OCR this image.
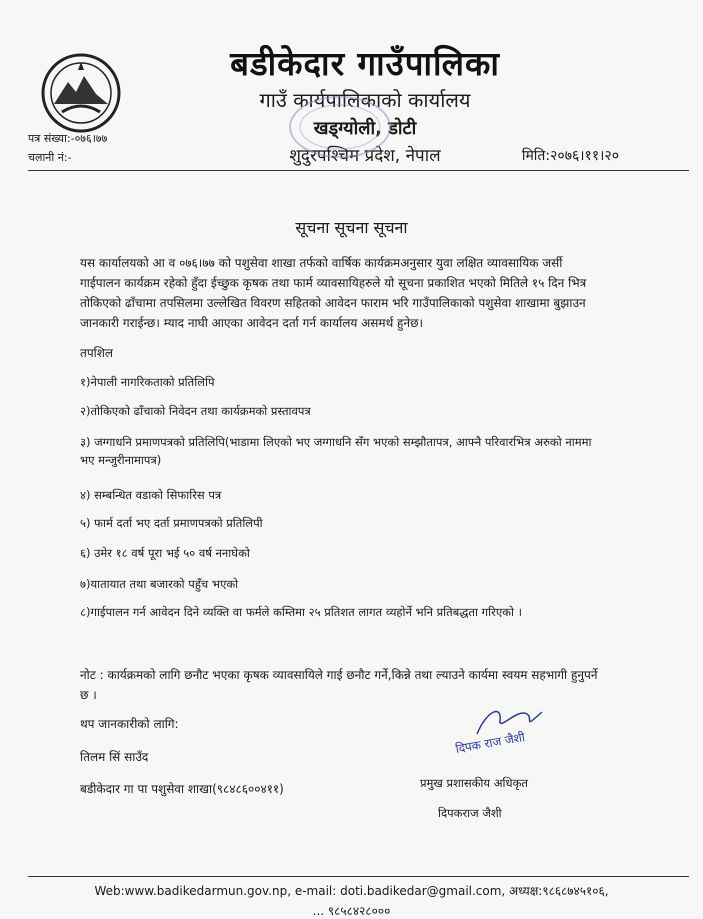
बडीकेदार गाउँपालिका
गाउँ कार्यपालिकाको कार्यालय
खड्ग्योली, डोटी
शुदुरपश्चिम प्रदेश, नेपाल
पत्र संख्या:-०७६।७७
चलानी नं:-	मिति:२०७६।११।२०
सूचना सूचना सूचना
यस कार्यालयको आ व ०७६।७७ को पशुसेवा शाखा तर्फको वार्षिक कार्यक्रमअनुसार युवा लक्षित व्यावसायिक जर्सी गाईपालन कार्यक्रम रहेको हुँदा ईच्छुक कृषक तथा फार्म व्यावसायिहरुले यो सूचना प्रकाशित भएको मितिले १५ दिन भित्र तोकिएको ढाँचामा तपसिलमा उल्लेखित विवरण सहितको आवेदन फाराम भरि गाउँपालिकाको पशुसेवा शाखामा बुझाउन जानकारी गराईन्छ। म्याद नाघी आएका आवेदन दर्ता गर्न कार्यालय असमर्थ हुनेछ।
तपशिल
१)नेपाली नागरिकताको प्रतिलिपि
२)तोकिएको ढाँचाको निवेदन तथा कार्यक्रमको प्रस्तावपत्र
३) जग्गाधनि प्रमाणपत्रको प्रतिलिपि(भाडामा लिएको भए जग्गाधनि सँग भएको सम्झौतापत्र, आफ्नै परिवारभित्र अरुको नाममा भए मन्जुरीनामापत्र)
४) सम्बन्धित वडाको सिफारिस पत्र
५) फार्म दर्ता भए दर्ता प्रमाणपत्रको प्रतिलिपी
६) उमेर १८ वर्ष पूरा भई ५० वर्ष ननाघेको
७)यातायात तथा बजारको पहुँच भएको
८)गाईपालन गर्न आवेदन दिने व्यक्ति वा फर्मले कम्तिमा २५ प्रतिशत लागत व्यहोर्ने भनि प्रतिबद्धता गरिएको ।
नोट : कार्यक्रमको लागि छनौट भएका कृषक व्यावसायिले गाई छनौट गर्ने,किन्ने तथा ल्याउने कार्यमा स्वयम सहभागी हुनुपर्ने छ ।
थप जानकारीको लागि:
तिलम सिं साउँद
बडीकेदार गा पा पशुसेवा शाखा(९८४८६००४११)
दिपक राज जैशी
प्रमुख प्रशासकीय अधिकृत
दिपकराज जैशी
Web:www.badikedarmun.gov.np, e-mail: doti.badikedar@gmail.com, अध्यक्ष:९८६८७४५१०६,
... ९८५८४२८०००
